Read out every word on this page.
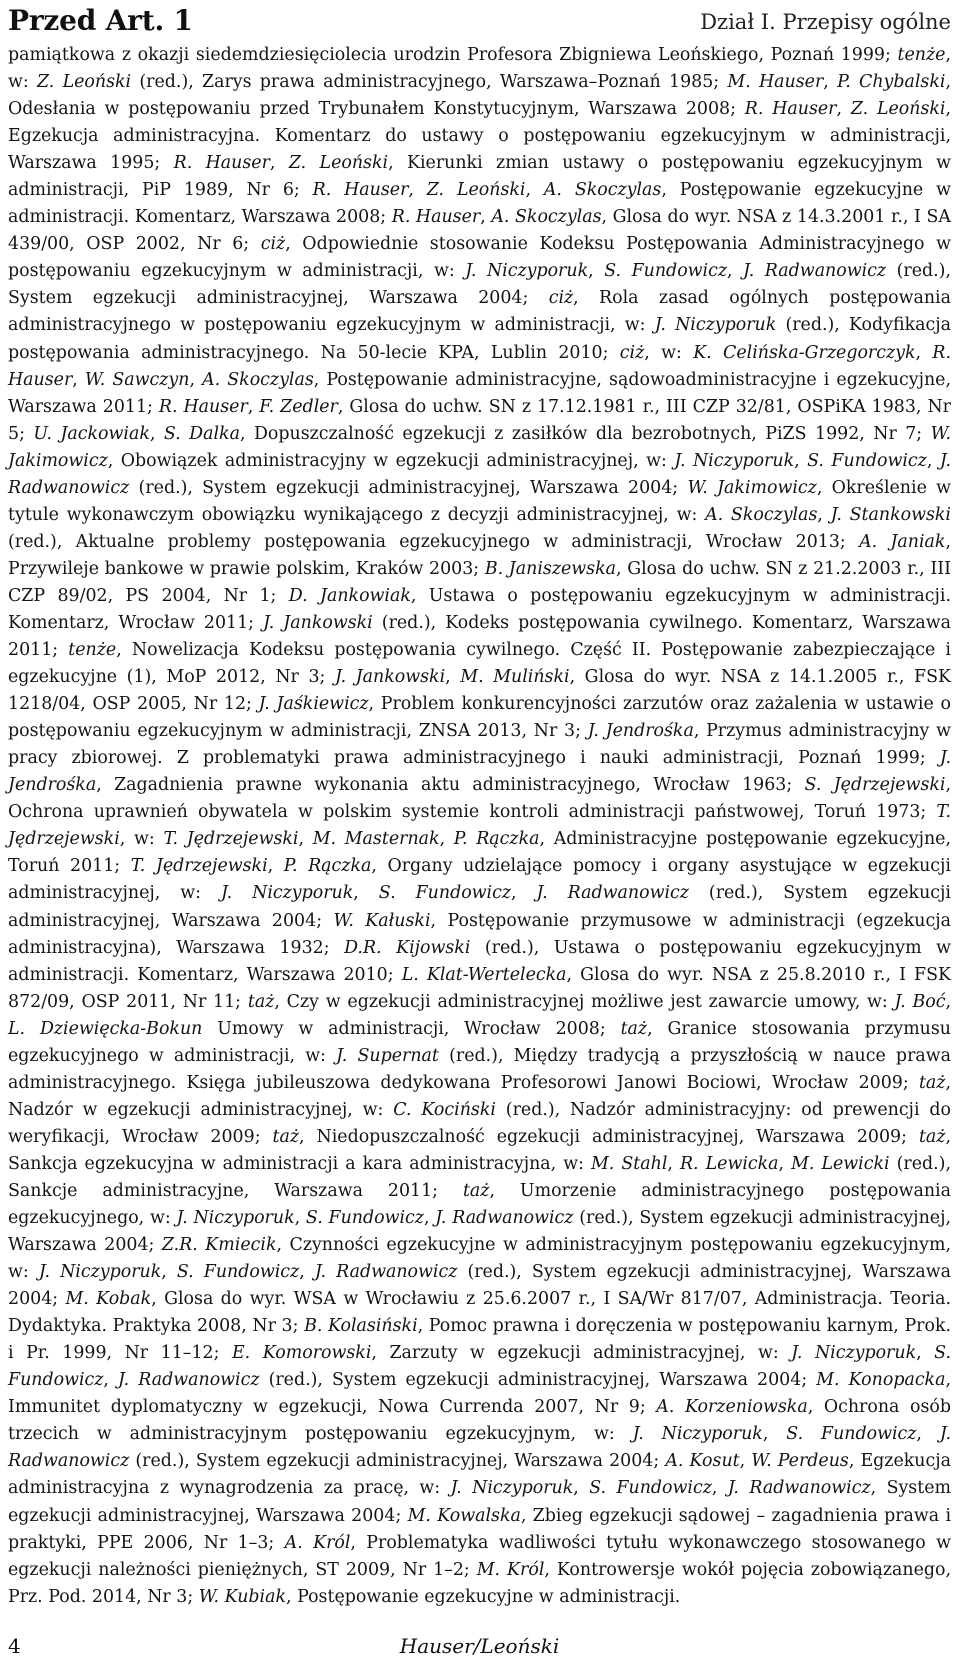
Przed Art. 1	Dział I. Przepisy ogólne

pamiątkowa z okazji siedemdziesięciolecia urodzin Profesora Zbigniewa Leońskiego, Poznań 1999; tenże, w: Z. Leoński (red.), Zarys prawa administracyjnego, Warszawa–Poznań 1985; M. Hauser, P. Chybalski, Odesłania w postępowaniu przed Trybunałem Konstytucyjnym, Warszawa 2008; R. Hauser, Z. Leoński, Egzekucja administracyjna. Komentarz do ustawy o postępowaniu egzekucyjnym w administracji, Warszawa 1995; R. Hauser, Z. Leoński, Kierunki zmian ustawy o postępowaniu egzekucyjnym w administracji, PiP 1989, Nr 6; R. Hauser, Z. Leoński, A. Skoczylas, Postępowanie egzekucyjne w administracji. Komentarz, Warszawa 2008; R. Hauser, A. Skoczylas, Glosa do wyr. NSA z 14.3.2001 r., I SA 439/00, OSP 2002, Nr 6; ciż, Odpowiednie stosowanie Kodeksu Postępowania Administracyjnego w postępowaniu egzekucyjnym w administracji, w: J. Niczyporuk, S. Fundowicz, J. Radwanowicz (red.), System egzekucji administracyjnej, Warszawa 2004; ciż, Rola zasad ogólnych postępowania administracyjnego w postępowaniu egzekucyjnym w administracji, w: J. Niczyporuk (red.), Kodyfikacja postępowania administracyjnego. Na 50-lecie KPA, Lublin 2010; ciż, w: K. Celińska-Grzegorczyk, R. Hauser, W. Sawczyn, A. Skoczylas, Postępowanie administracyjne, sądowoadministracyjne i egzekucyjne, Warszawa 2011; R. Hauser, F. Zedler, Glosa do uchw. SN z 17.12.1981 r., III CZP 32/81, OSPiKA 1983, Nr 5; U. Jackowiak, S. Dalka, Dopuszczalność egzekucji z zasiłków dla bezrobotnych, PiZS 1992, Nr 7; W. Jakimowicz, Obowiązek administracyjny w egzekucji administracyjnej, w: J. Niczyporuk, S. Fundowicz, J. Radwanowicz (red.), System egzekucji administracyjnej, Warszawa 2004; W. Jakimowicz, Określenie w tytule wykonawczym obowiązku wynikającego z decyzji administracyjnej, w: A. Skoczylas, J. Stankowski (red.), Aktualne problemy postępowania egzekucyjnego w administracji, Wrocław 2013; A. Janiak, Przywileje bankowe w prawie polskim, Kraków 2003; B. Janiszewska, Glosa do uchw. SN z 21.2.2003 r., III CZP 89/02, PS 2004, Nr 1; D. Jankowiak, Ustawa o postępowaniu egzekucyjnym w administracji. Komentarz, Wrocław 2011; J. Jankowski (red.), Kodeks postępowania cywilnego. Komentarz, Warszawa 2011; tenże, Nowelizacja Kodeksu postępowania cywilnego. Część II. Postępowanie zabezpieczające i egzekucyjne (1), MoP 2012, Nr 3; J. Jankowski, M. Muliński, Glosa do wyr. NSA z 14.1.2005 r., FSK 1218/04, OSP 2005, Nr 12; J. Jaśkiewicz, Problem konkurencyjności zarzutów oraz zażalenia w ustawie o postępowaniu egzekucyjnym w administracji, ZNSA 2013, Nr 3; J. Jendrośka, Przymus administracyjny w pracy zbiorowej. Z problematyki prawa administracyjnego i nauki administracji, Poznań 1999; J. Jendrośka, Zagadnienia prawne wykonania aktu administracyjnego, Wrocław 1963; S. Jędrzejewski, Ochrona uprawnień obywatela w polskim systemie kontroli administracji państwowej, Toruń 1973; T. Jędrzejewski, w: T. Jędrzejewski, M. Masternak, P. Rączka, Administracyjne postępowanie egzekucyjne, Toruń 2011; T. Jędrzejewski, P. Rączka, Organy udzielające pomocy i organy asystujące w egzekucji administracyjnej, w: J. Niczyporuk, S. Fundowicz, J. Radwanowicz (red.), System egzekucji administracyjnej, Warszawa 2004; W. Kałuski, Postępowanie przymusowe w administracji (egzekucja administracyjna), Warszawa 1932; D.R. Kijowski (red.), Ustawa o postępowaniu egzekucyjnym w administracji. Komentarz, Warszawa 2010; L. Klat-Wertelecka, Glosa do wyr. NSA z 25.8.2010 r., I FSK 872/09, OSP 2011, Nr 11; taż, Czy w egzekucji administracyjnej możliwe jest zawarcie umowy, w: J. Boć, L. Dziewięcka-Bokun Umowy w administracji, Wrocław 2008; taż, Granice stosowania przymusu egzekucyjnego w administracji, w: J. Supernat (red.), Między tradycją a przyszłością w nauce prawa administracyjnego. Księga jubileuszowa dedykowana Profesorowi Janowi Bociowi, Wrocław 2009; taż, Nadzór w egzekucji administracyjnej, w: C. Kociński (red.), Nadzór administracyjny: od prewencji do weryfikacji, Wrocław 2009; taż, Niedopuszczalność egzekucji administracyjnej, Warszawa 2009; taż, Sankcja egzekucyjna w administracji a kara administracyjna, w: M. Stahl, R. Lewicka, M. Lewicki (red.), Sankcje administracyjne, Warszawa 2011; taż, Umorzenie administracyjnego postępowania egzekucyjnego, w: J. Niczyporuk, S. Fundowicz, J. Radwanowicz (red.), System egzekucji administracyjnej, Warszawa 2004; Z.R. Kmiecik, Czynności egzekucyjne w administracyjnym postępowaniu egzekucyjnym, w: J. Niczyporuk, S. Fundowicz, J. Radwanowicz (red.), System egzekucji administracyjnej, Warszawa 2004; M. Kobak, Glosa do wyr. WSA w Wrocławiu z 25.6.2007 r., I SA/Wr 817/07, Administracja. Teoria. Dydaktyka. Praktyka 2008, Nr 3; B. Kolasiński, Pomoc prawna i doręczenia w postępowaniu karnym, Prok. i Pr. 1999, Nr 11–12; E. Komorowski, Zarzuty w egzekucji administracyjnej, w: J. Niczyporuk, S. Fundowicz, J. Radwanowicz (red.), System egzekucji administracyjnej, Warszawa 2004; M. Konopacka, Immunitet dyplomatyczny w egzekucji, Nowa Currenda 2007, Nr 9; A. Korzeniowska, Ochrona osób trzecich w administracyjnym postępowaniu egzekucyjnym, w: J. Niczyporuk, S. Fundowicz, J. Radwanowicz (red.), System egzekucji administracyjnej, Warszawa 2004; A. Kosut, W. Perdeus, Egzekucja administracyjna z wynagrodzenia za pracę, w: J. Niczyporuk, S. Fundowicz, J. Radwanowicz, System egzekucji administracyjnej, Warszawa 2004; M. Kowalska, Zbieg egzekucji sądowej – zagadnienia prawa i praktyki, PPE 2006, Nr 1–3; A. Król, Problematyka wadliwości tytułu wykonawczego stosowanego w egzekucji należności pieniężnych, ST 2009, Nr 1–2; M. Król, Kontrowersje wokół pojęcia zobowiązanego, Prz. Pod. 2014, Nr 3; W. Kubiak, Postępowanie egzekucyjne w administracji.

4	Hauser/Leoński
